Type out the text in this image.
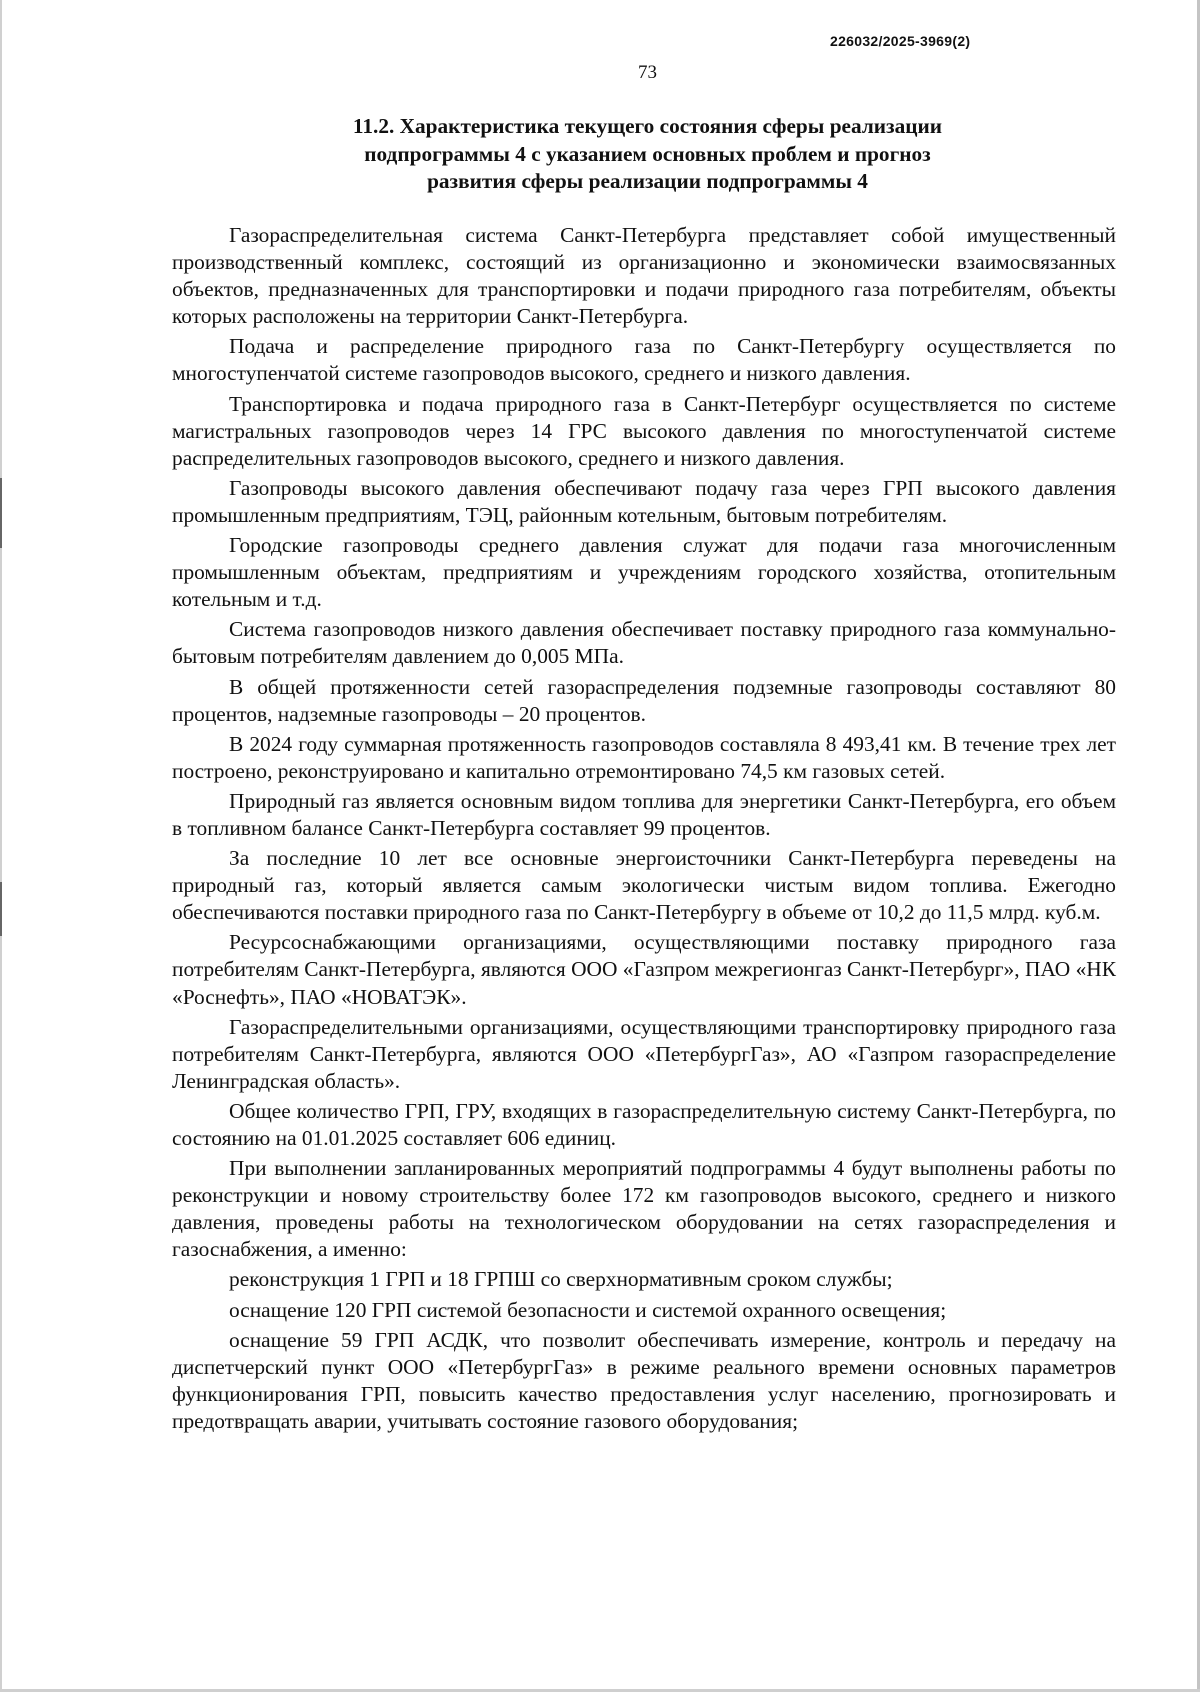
226032/2025-3969(2)
73
11.2. Характеристика текущего состояния сферы реализации
подпрограммы 4 с указанием основных проблем и прогноз
развития сферы реализации подпрограммы 4

Газораспределительная система Санкт-Петербурга представляет собой имущественный производственный комплекс, состоящий из организационно и экономически взаимосвязанных объектов, предназначенных для транспортировки и подачи природного газа потребителям, объекты которых расположены на территории Санкт-Петербурга.

Подача и распределение природного газа по Санкт-Петербургу осуществляется по многоступенчатой системе газопроводов высокого, среднего и низкого давления.

Транспортировка и подача природного газа в Санкт-Петербург осуществляется по системе магистральных газопроводов через 14 ГРС высокого давления по многоступенчатой системе распределительных газопроводов высокого, среднего и низкого давления.

Газопроводы высокого давления обеспечивают подачу газа через ГРП высокого давления промышленным предприятиям, ТЭЦ, районным котельным, бытовым потребителям.

Городские газопроводы среднего давления служат для подачи газа многочисленным промышленным объектам, предприятиям и учреждениям городского хозяйства, отопительным котельным и т.д.

Система газопроводов низкого давления обеспечивает поставку природного газа коммунально-бытовым потребителям давлением до 0,005 МПа.

В общей протяженности сетей газораспределения подземные газопроводы составляют 80 процентов, надземные газопроводы – 20 процентов.

В 2024 году суммарная протяженность газопроводов составляла 8 493,41 км. В течение трех лет построено, реконструировано и капитально отремонтировано 74,5 км газовых сетей.

Природный газ является основным видом топлива для энергетики Санкт-Петербурга, его объем в топливном балансе Санкт-Петербурга составляет 99 процентов.

За последние 10 лет все основные энергоисточники Санкт-Петербурга переведены на природный газ, который является самым экологически чистым видом топлива. Ежегодно обеспечиваются поставки природного газа по Санкт-Петербургу в объеме от 10,2 до 11,5 млрд. куб.м.

Ресурсоснабжающими организациями, осуществляющими поставку природного газа потребителям Санкт-Петербурга, являются ООО «Газпром межрегионгаз Санкт-Петербург», ПАО «НК «Роснефть», ПАО «НОВАТЭК».

Газораспределительными организациями, осуществляющими транспортировку природного газа потребителям Санкт-Петербурга, являются ООО «ПетербургГаз», АО «Газпром газораспределение Ленинградская область».

Общее количество ГРП, ГРУ, входящих в газораспределительную систему Санкт-Петербурга, по состоянию на 01.01.2025 составляет 606 единиц.

При выполнении запланированных мероприятий подпрограммы 4 будут выполнены работы по реконструкции и новому строительству более 172 км газопроводов высокого, среднего и низкого давления, проведены работы на технологическом оборудовании на сетях газораспределения и газоснабжения, а именно:

реконструкция 1 ГРП и 18 ГРПШ со сверхнормативным сроком службы;

оснащение 120 ГРП системой безопасности и системой охранного освещения;

оснащение 59 ГРП АСДК, что позволит обеспечивать измерение, контроль и передачу на диспетчерский пункт ООО «ПетербургГаз» в режиме реального времени основных параметров функционирования ГРП, повысить качество предоставления услуг населению, прогнозировать и предотвращать аварии, учитывать состояние газового оборудования;
